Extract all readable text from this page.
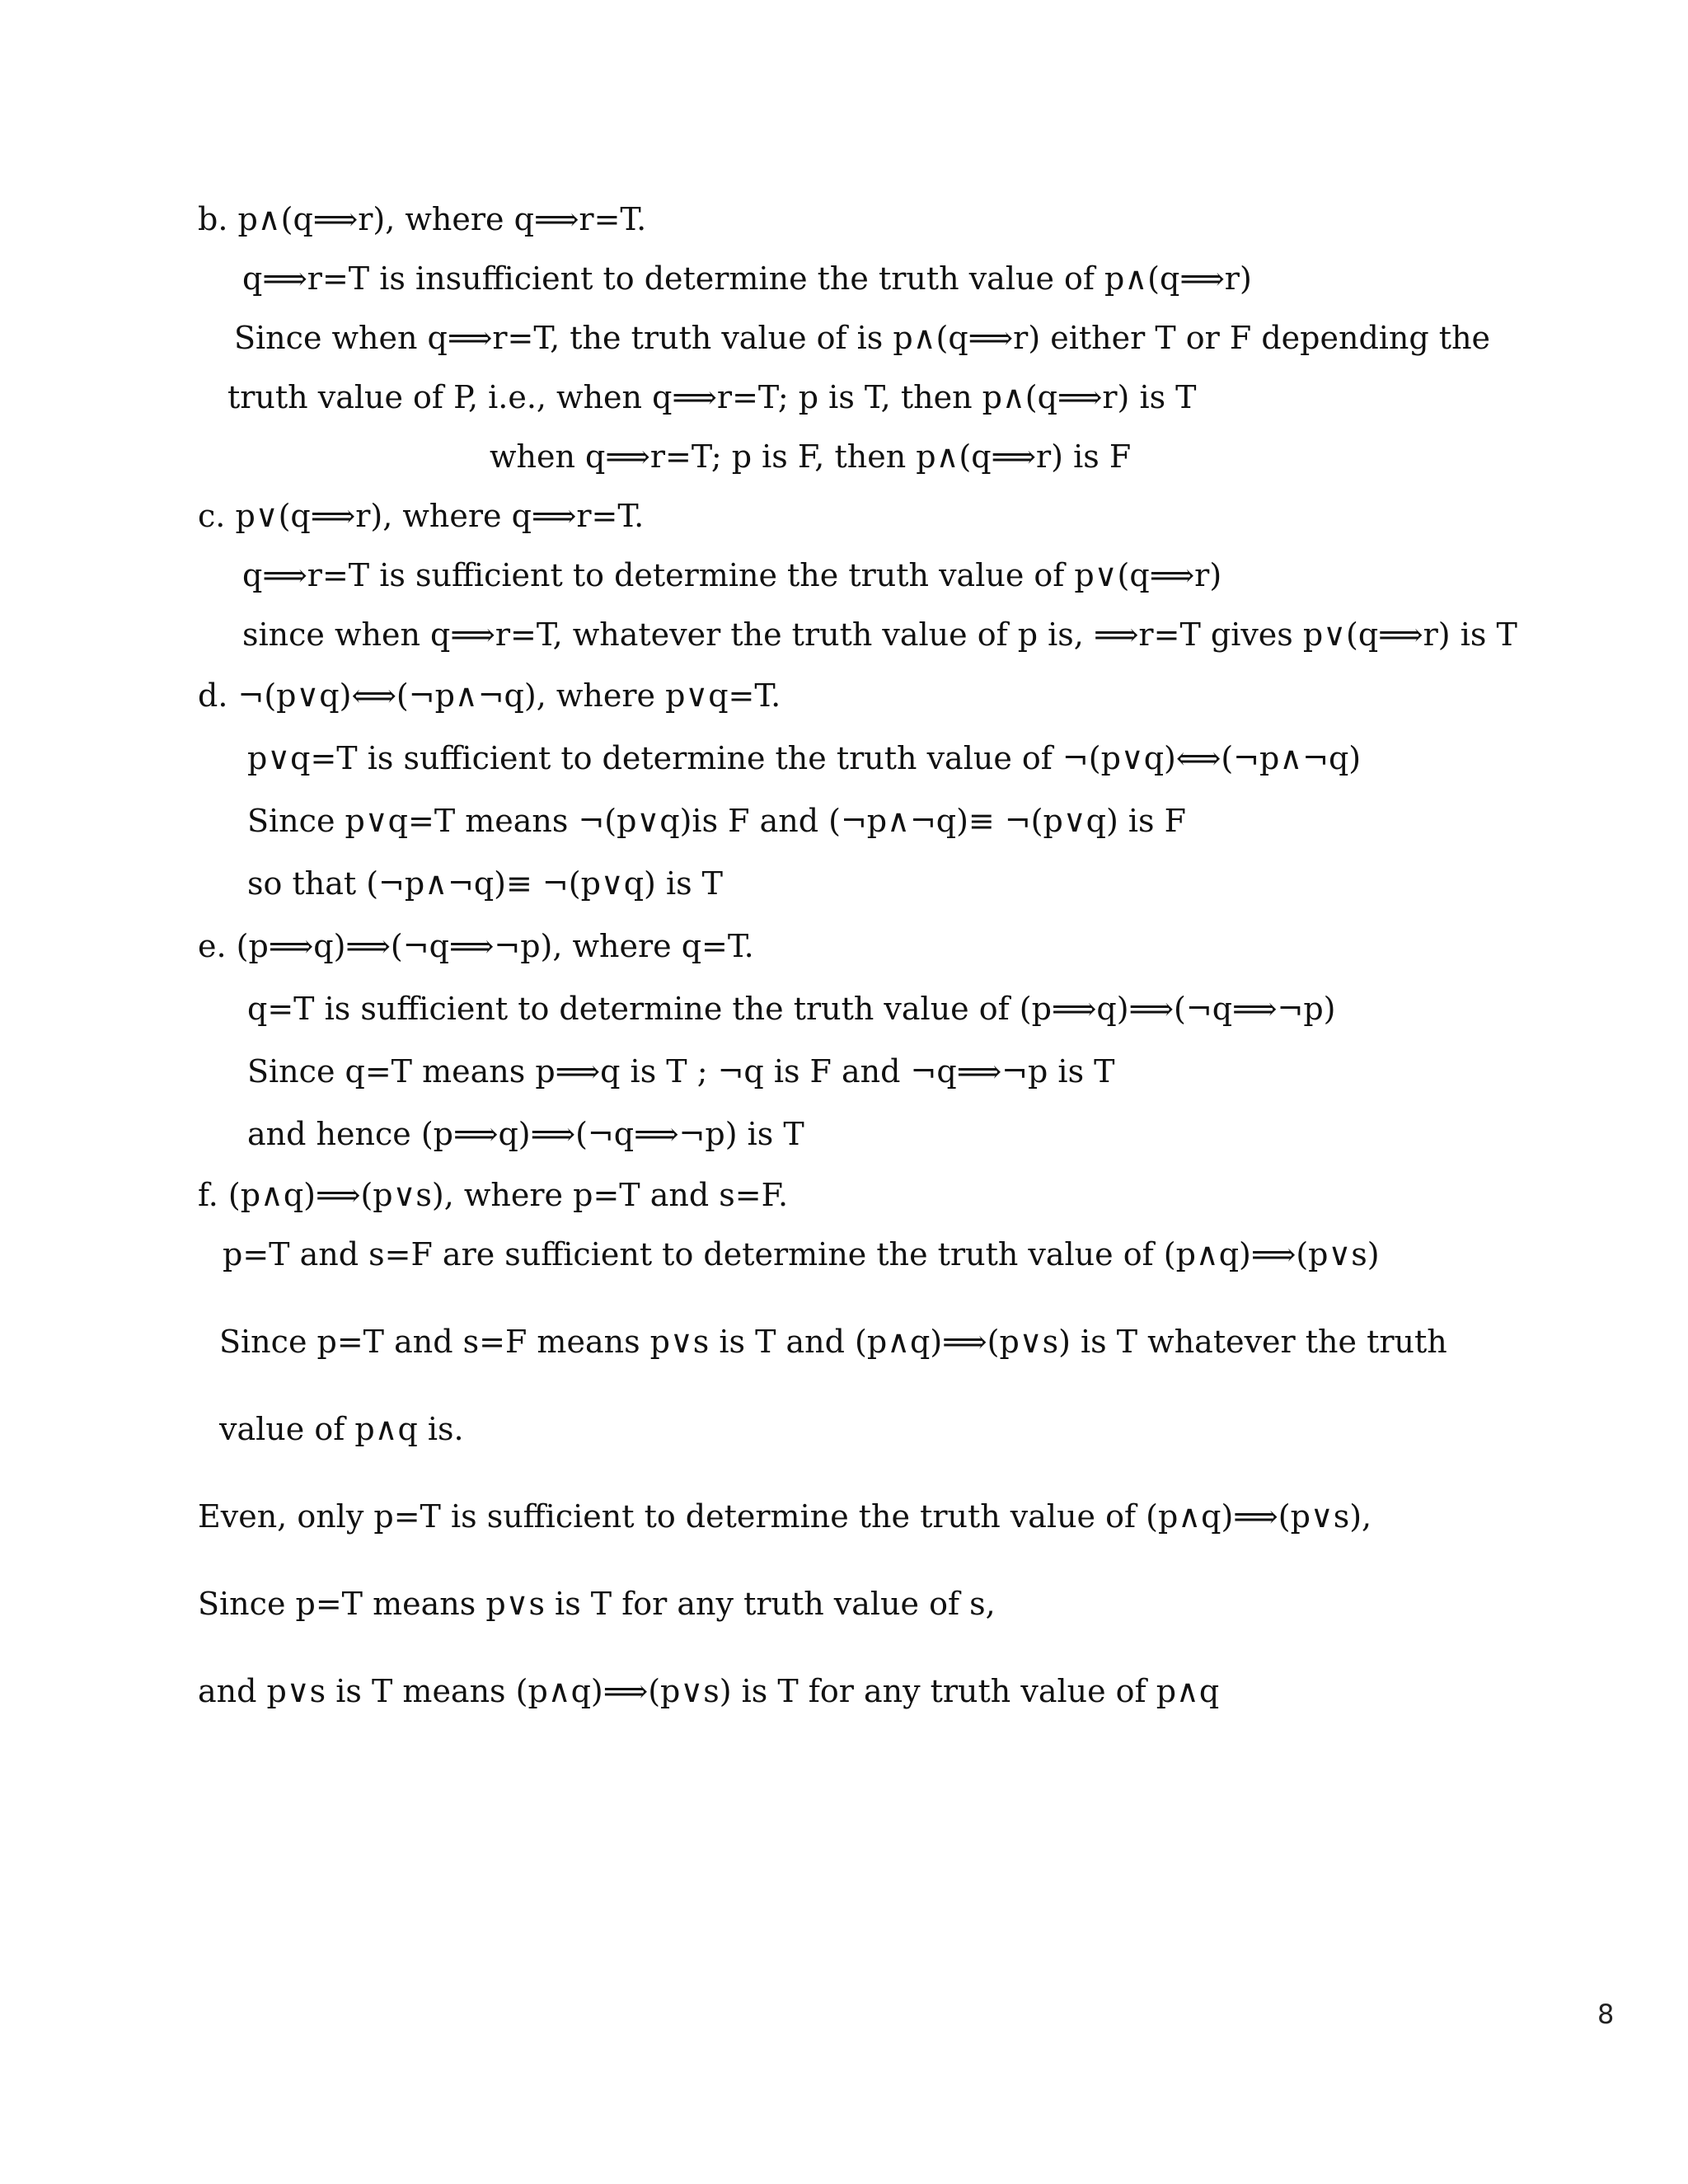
b. p∧(q⟹r), where q⟹r=T.
q⟹r=T is insufficient to determine the truth value of p∧(q⟹r)
Since when q⟹r=T, the truth value of is p∧(q⟹r) either T or F depending the
truth value of P, i.e., when q⟹r=T; p is T, then p∧(q⟹r) is T
when q⟹r=T; p is F, then p∧(q⟹r) is F
c. p∨(q⟹r), where q⟹r=T.
q⟹r=T is sufficient to determine the truth value of p∨(q⟹r)
since when q⟹r=T, whatever the truth value of p is, ⟹r=T gives p∨(q⟹r) is T
d. ¬(p∨q)⟺(¬p∧¬q), where p∨q=T.
p∨q=T is sufficient to determine the truth value of ¬(p∨q)⟺(¬p∧¬q)
Since p∨q=T means ¬(p∨q)is F and (¬p∧¬q)≡ ¬(p∨q) is F
so that (¬p∧¬q)≡ ¬(p∨q) is T
e. (p⟹q)⟹(¬q⟹¬p), where q=T.
q=T is sufficient to determine the truth value of (p⟹q)⟹(¬q⟹¬p)
Since q=T means p⟹q is T ; ¬q is F and ¬q⟹¬p is T
and hence (p⟹q)⟹(¬q⟹¬p) is T
f. (p∧q)⟹(p∨s), where p=T and s=F.
p=T and s=F are sufficient to determine the truth value of (p∧q)⟹(p∨s)
Since p=T and s=F means p∨s is T and (p∧q)⟹(p∨s) is T whatever the truth
value of p∧q is.
Even, only p=T is sufficient to determine the truth value of (p∧q)⟹(p∨s),
Since p=T means p∨s is T for any truth value of s,
and p∨s is T means (p∧q)⟹(p∨s) is T for any truth value of p∧q
8
